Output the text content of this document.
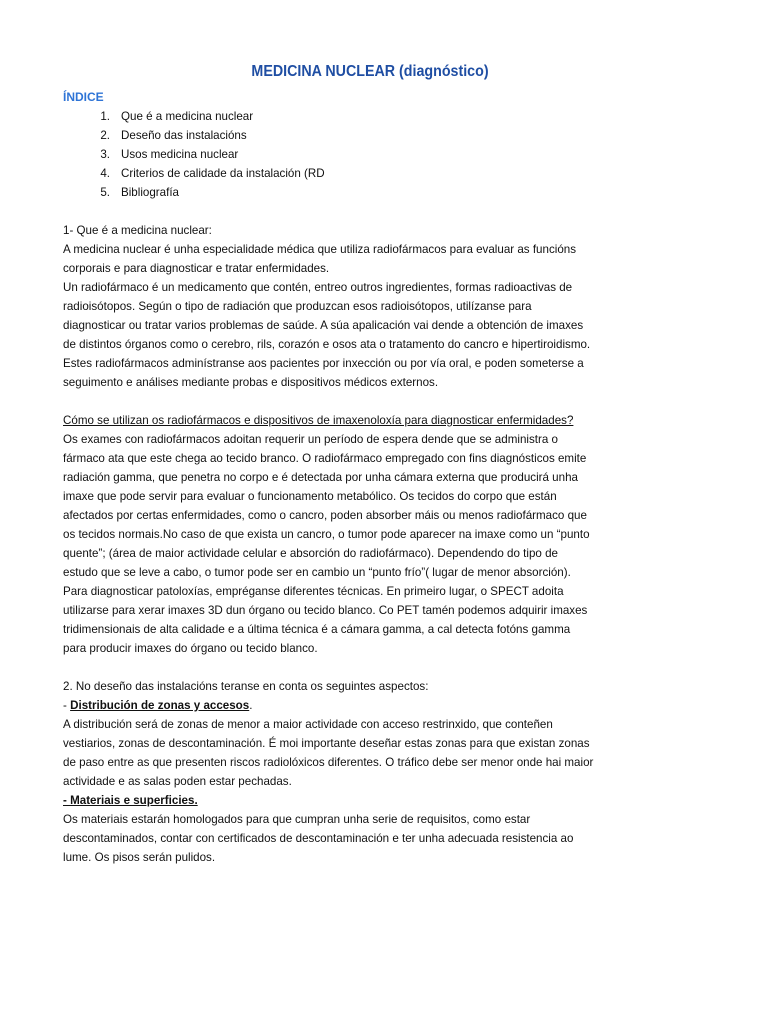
MEDICINA NUCLEAR (diagnóstico)
ÍNDICE
1. Que é a medicina nuclear
2. Deseño das instalacións
3. Usos medicina nuclear
4. Criterios de calidade da instalación (RD
5. Bibliografía

1- Que é a medicina nuclear:

A medicina nuclear é unha especialidade médica que utiliza radiofármacos para evaluar as funcións

corporais e para diagnosticar e tratar enfermidades.

Un radiofármaco é un medicamento que contén, entreo outros ingredientes, formas radioactivas de

radioisótopos. Según o tipo de radiación que produzcan esos radioisótopos, utilízanse para

diagnosticar ou tratar varios problemas de saúde. A súa apalicación vai dende a obtención de imaxes

de distintos órganos como o cerebro, rils, corazón e osos ata o tratamento do cancro e hipertiroidismo.

Estes radiofármacos adminístranse aos pacientes por inxección ou por vía oral, e poden someterse a

seguimento e análises mediante probas e dispositivos médicos externos.

Cómo se utilizan os radiofármacos e dispositivos de imaxenoloxía para diagnosticar enfermidades?

Os exames con radiofármacos adoitan requerir un período de espera dende que se administra o

fármaco ata que este chega ao tecido branco. O radiofármaco empregado con fins diagnósticos emite

radiación gamma, que penetra no corpo e é detectada por unha cámara externa que producirá unha

imaxe que pode servir para evaluar o funcionamento metabólico. Os tecidos do corpo que están

afectados por certas enfermidades, como o cancro, poden absorber máis ou menos radiofármaco que

os tecidos normais.No caso de que exista un cancro, o tumor pode aparecer na imaxe como un “punto

quente”; (área de maior actividade celular e absorción do radiofármaco). Dependendo do tipo de

estudo que se leve a cabo, o tumor pode ser en cambio un “punto frío”( lugar de menor absorción).

Para diagnosticar patoloxías, empréganse diferentes técnicas. En primeiro lugar, o SPECT adoita

utilizarse para xerar imaxes 3D dun órgano ou tecido blanco. Co PET tamén podemos adquirir imaxes

tridimensionais de alta calidade e a última técnica é a cámara gamma, a cal detecta fotóns gamma

para producir imaxes do órgano ou tecido blanco.

2. No deseño das instalacións teranse en conta os seguintes aspectos:

- Distribución de zonas y accesos.

A distribución será de zonas de menor a maior actividade con acceso restrinxido, que conteñen

vestiarios, zonas de descontaminación. É moi importante deseñar estas zonas para que existan zonas

de paso entre as que presenten riscos radiolóxicos diferentes. O tráfico debe ser menor onde hai maior

actividade e as salas poden estar pechadas.

- Materiais e superficies.

Os materiais estarán homologados para que cumpran unha serie de requisitos, como estar

descontaminados, contar con certificados de descontaminación e ter unha adecuada resistencia ao

lume. Os pisos serán pulidos.
